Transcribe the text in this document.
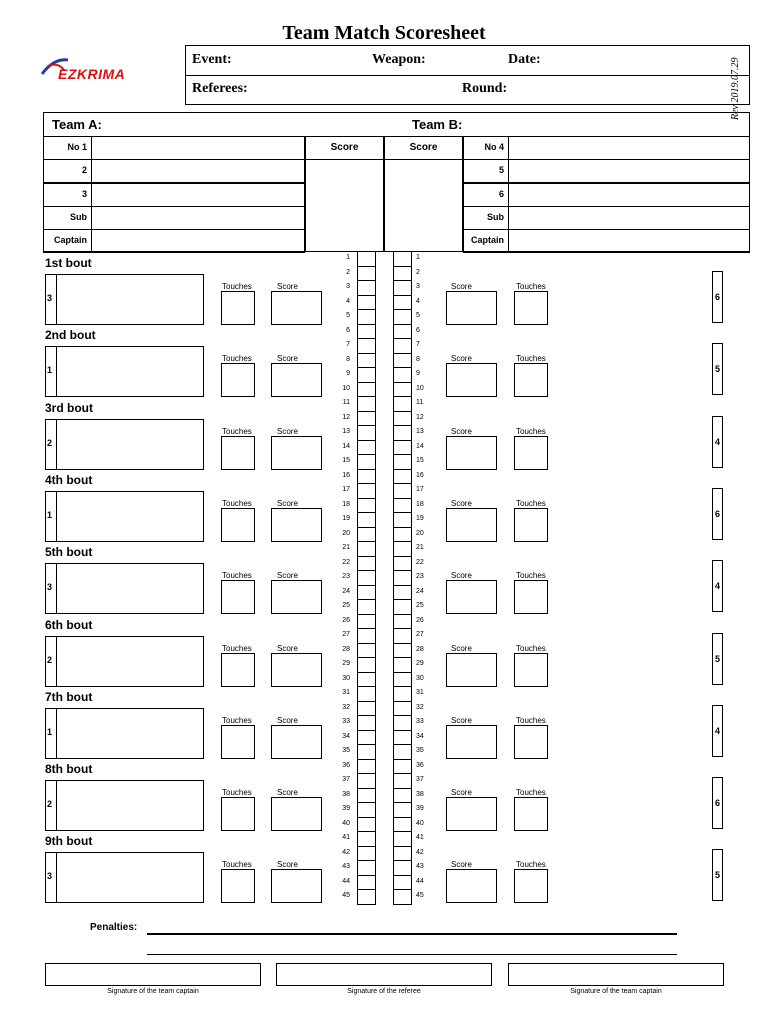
Team Match Scoresheet
EZKRIMA
Event:	Weapon:	Date:
Referees:	Round:	Rev 2019.07.29
Team A:	Team B:
No 1
2
3
Sub
Captain
No 4
5
6
Sub
Captain
Score	Score
1st bout
3
Touches	Score	Score	Touches
6
2nd bout
1
Touches	Score	Score	Touches
5
3rd bout
2
Touches	Score	Score	Touches
4
4th bout
1
Touches	Score	Score	Touches
6
5th bout
3
Touches	Score	Score	Touches
4
6th bout
2
Touches	Score	Score	Touches
5
7th bout
1
Touches	Score	Score	Touches
4
8th bout
2
Touches	Score	Score	Touches
6
9th bout
3
Touches	Score	Score	Touches
5
1	1
2	2
3	3
4	4
5	5
6	6
7	7
8	8
9	9
10	10
11	11
12	12
13	13
14	14
15	15
16	16
17	17
18	18
19	19
20	20
21	21
22	22
23	23
24	24
25	25
26	26
27	27
28	28
29	29
30	30
31	31
32	32
33	33
34	34
35	35
36	36
37	37
38	38
39	39
40	40
41	41
42	42
43	43
44	44
45	45
Penalties:
Signature of the team captain	Signature of the referee	Signature of the team captain
